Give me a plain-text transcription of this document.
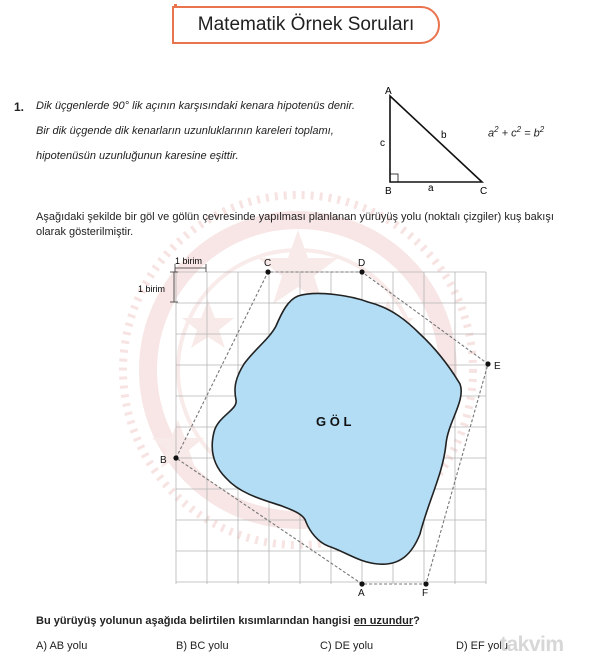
Matematik Örnek Soruları
1. Dik üçgenlerde 90° lik açının karşısındaki kenara hipotenüs denir.
Bir dik üçgende dik kenarların uzunluklarının kareleri toplamı,
hipotenüsün uzunluğunun karesine eşittir.
A
B	C
c
b
a
$a^2 + c^2 = b^2$
Aşağıdaki şekilde bir göl ve gölün çevresinde yapılması planlanan yürüyüş yolu (noktalı çizgiler) kuş bakışı olarak gösterilmiştir.
A
B
C	D
E
F
G Ö L
1 birim
1 birim
Bu yürüyüş yolunun aşağıda belirtilen kısımlarından hangisi en uzundur?
A) AB yolu	B) BC yolu	C) DE yolu	D) EF yolu
takvim
